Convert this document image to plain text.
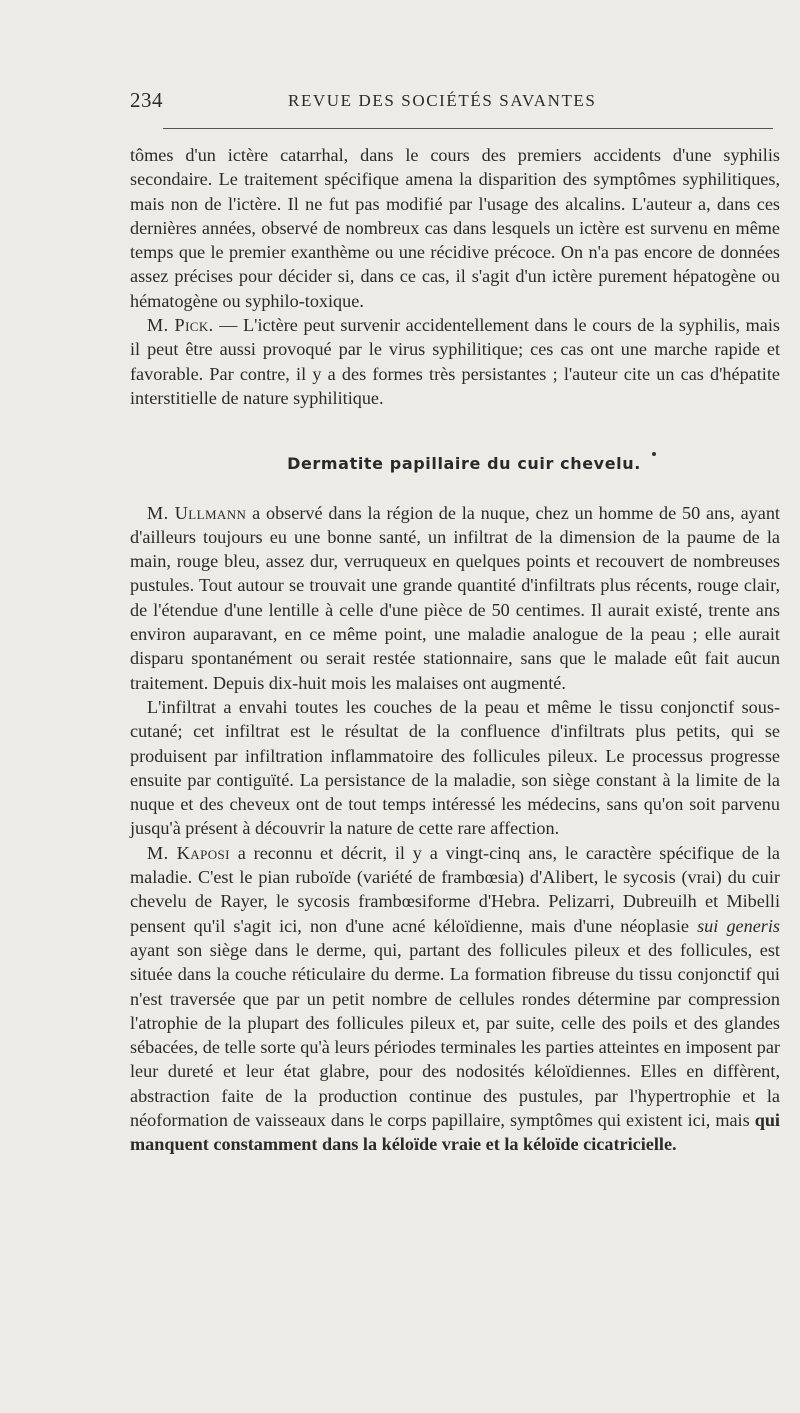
234	REVUE DES SOCIÉTÉS SAVANTES

tômes d'un ictère catarrhal, dans le cours des premiers accidents d'une syphilis secondaire. Le traitement spécifique amena la disparition des symptômes syphilitiques, mais non de l'ictère. Il ne fut pas modifié par l'usage des alcalins. L'auteur a, dans ces dernières années, observé de nombreux cas dans lesquels un ictère est survenu en même temps que le premier exanthème ou une récidive précoce. On n'a pas encore de données assez précises pour décider si, dans ce cas, il s'agit d'un ictère purement hépatogène ou hématogène ou syphilo-toxique.

M. Pick. — L'ictère peut survenir accidentellement dans le cours de la syphilis, mais il peut être aussi provoqué par le virus syphilitique; ces cas ont une marche rapide et favorable. Par contre, il y a des formes très persistantes ; l'auteur cite un cas d'hépatite interstitielle de nature syphilitique.

Dermatite papillaire du cuir chevelu.

M. Ullmann a observé dans la région de la nuque, chez un homme de 50 ans, ayant d'ailleurs toujours eu une bonne santé, un infiltrat de la dimension de la paume de la main, rouge bleu, assez dur, verruqueux en quelques points et recouvert de nombreuses pustules. Tout autour se trouvait une grande quantité d'infiltrats plus récents, rouge clair, de l'étendue d'une lentille à celle d'une pièce de 50 centimes. Il aurait existé, trente ans environ auparavant, en ce même point, une maladie analogue de la peau ; elle aurait disparu spontanément ou serait restée stationnaire, sans que le malade eût fait aucun traitement. Depuis dix-huit mois les malaises ont augmenté.

L'infiltrat a envahi toutes les couches de la peau et même le tissu conjonctif sous-cutané; cet infiltrat est le résultat de la confluence d'infiltrats plus petits, qui se produisent par infiltration inflammatoire des follicules pileux. Le processus progresse ensuite par contiguïté. La persistance de la maladie, son siège constant à la limite de la nuque et des cheveux ont de tout temps intéressé les médecins, sans qu'on soit parvenu jusqu'à présent à découvrir la nature de cette rare affection.

M. Kaposi a reconnu et décrit, il y a vingt-cinq ans, le caractère spécifique de la maladie. C'est le pian ruboïde (variété de frambœsia) d'Alibert, le sycosis (vrai) du cuir chevelu de Rayer, le sycosis frambœsiforme d'Hebra. Pelizarri, Dubreuilh et Mibelli pensent qu'il s'agit ici, non d'une acné kéloïdienne, mais d'une néoplasie sui generis ayant son siège dans le derme, qui, partant des follicules pileux et des follicules, est située dans la couche réticulaire du derme. La formation fibreuse du tissu conjonctif qui n'est traversée que par un petit nombre de cellules rondes détermine par compression l'atrophie de la plupart des follicules pileux et, par suite, celle des poils et des glandes sébacées, de telle sorte qu'à leurs périodes terminales les parties atteintes en imposent par leur dureté et leur état glabre, pour des nodosités kéloïdiennes. Elles en diffèrent, abstraction faite de la production continue des pustules, par l'hypertrophie et la néoformation de vaisseaux dans le corps papillaire, symptômes qui existent ici, mais qui manquent constamment dans la kéloïde vraie et la kéloïde cicatricielle.
